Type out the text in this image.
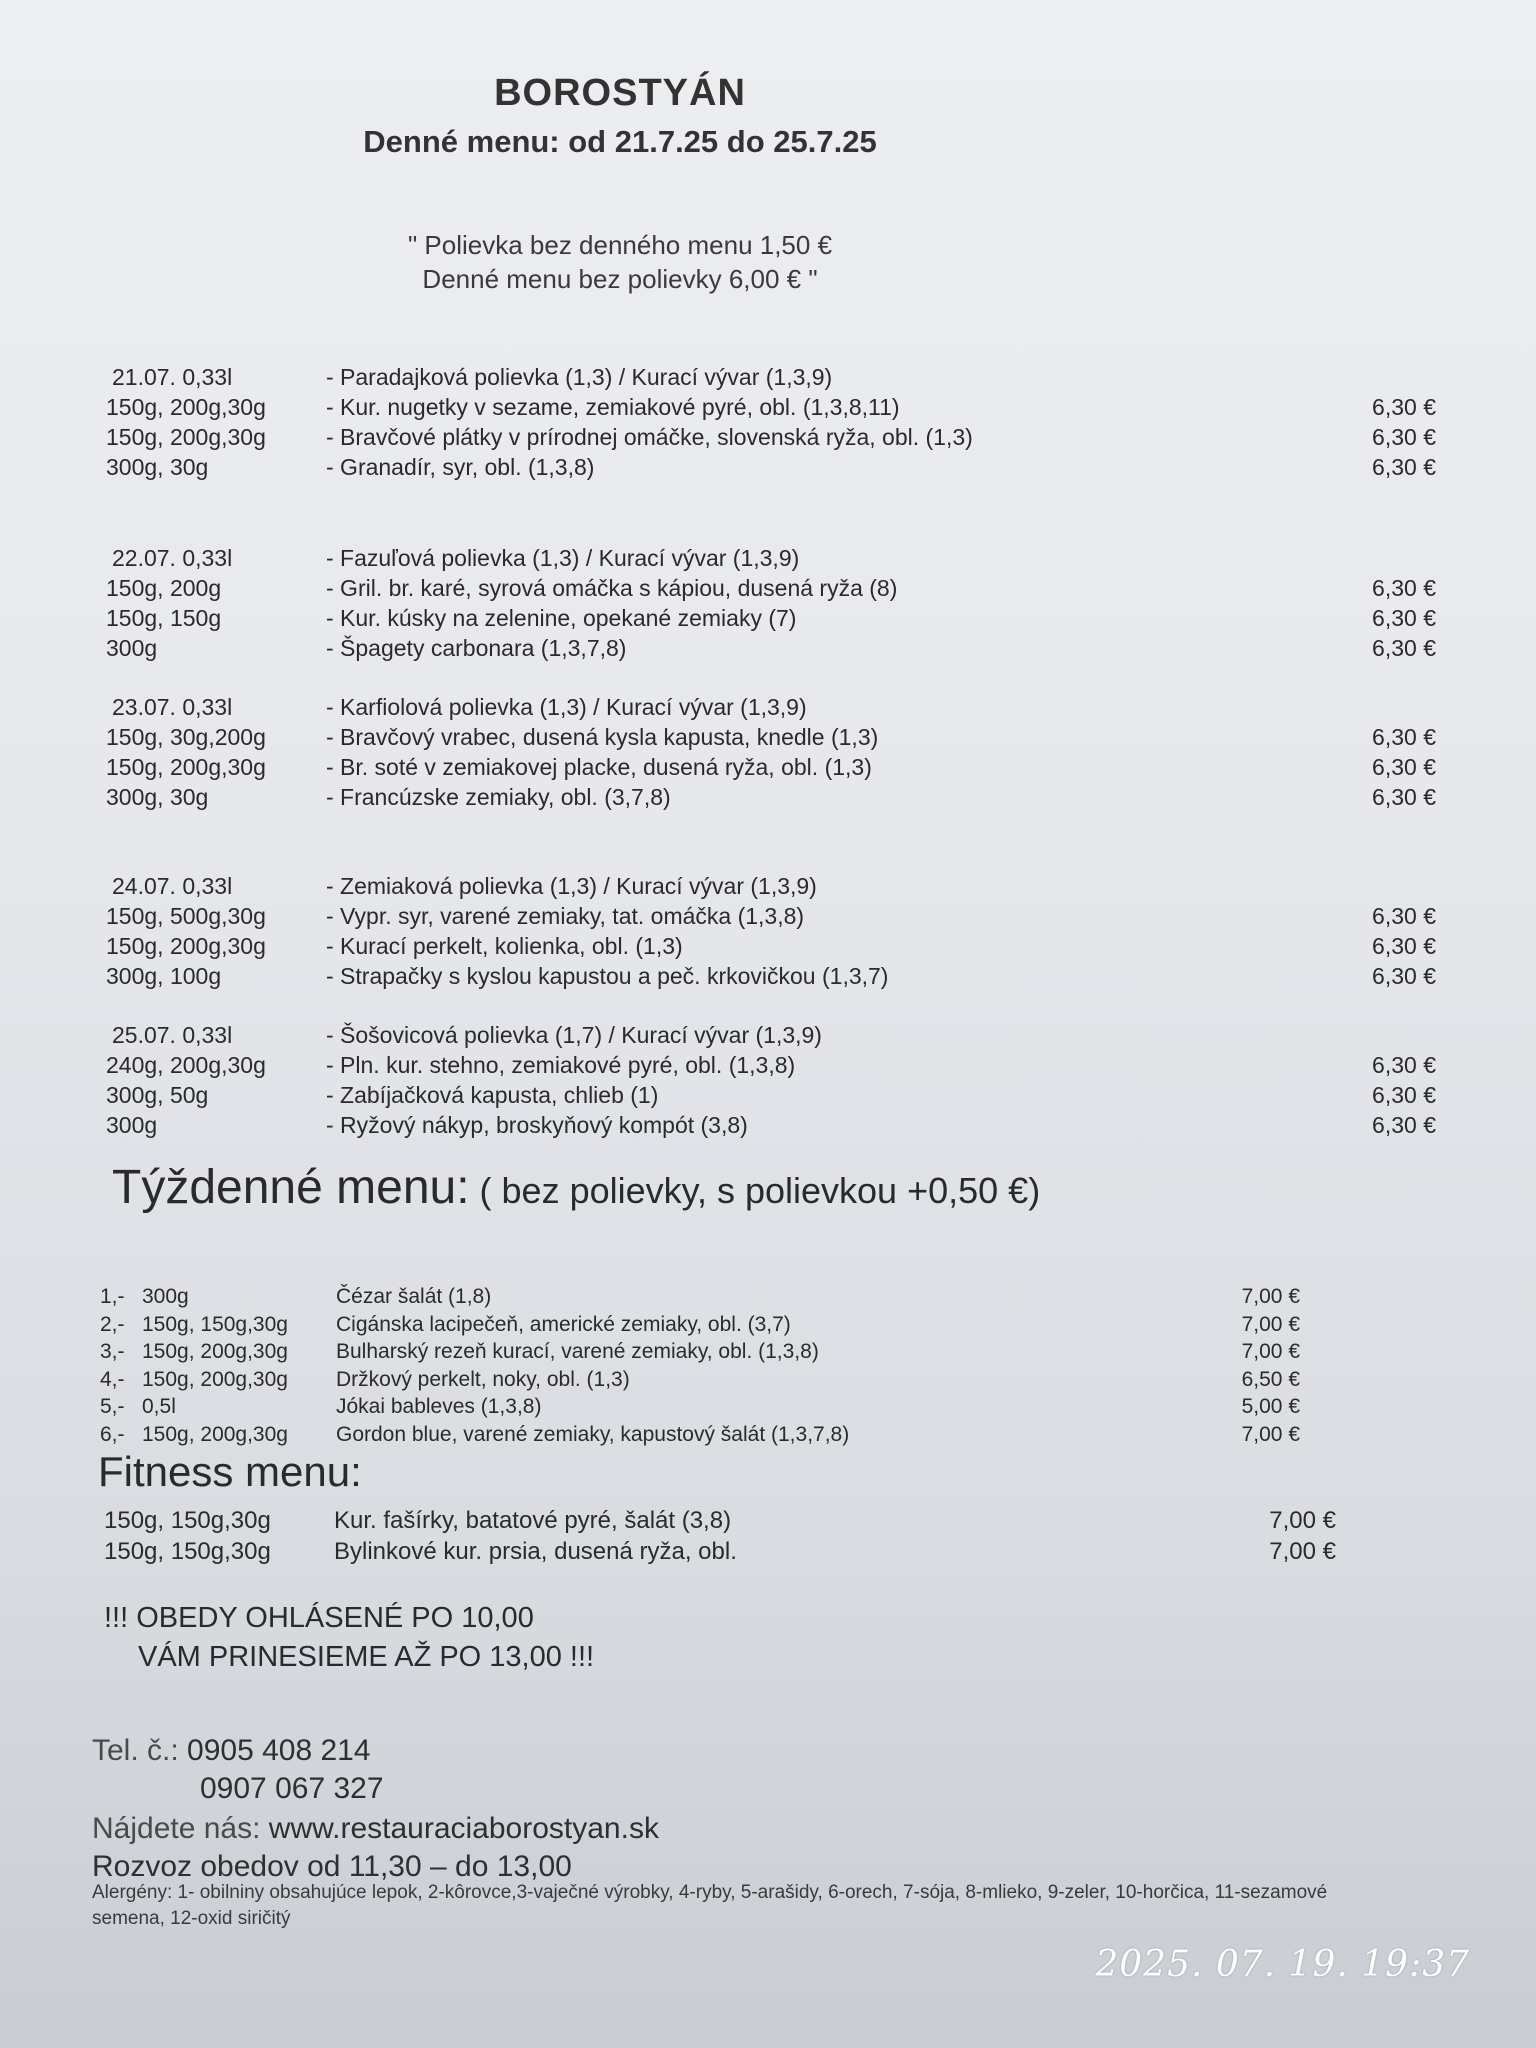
BOROSTYÁN
Denné menu: od 21.7.25 do 25.7.25
" Polievka bez denného menu 1,50 €
Denné menu bez polievky 6,00 € "
21.07. 0,33l	- Paradajková polievka (1,3) / Kurací vývar (1,3,9)
150g, 200g,30g	- Kur. nugetky v sezame, zemiakové pyré, obl. (1,3,8,11)	6,30 €
150g, 200g,30g	- Bravčové plátky v prírodnej omáčke, slovenská ryža, obl. (1,3)	6,30 €
300g, 30g	- Granadír, syr, obl. (1,3,8)	6,30 €
22.07. 0,33l	- Fazuľová polievka (1,3) / Kurací vývar (1,3,9)
150g, 200g	- Gril. br. karé, syrová omáčka s kápiou, dusená ryža (8)	6,30 €
150g, 150g	- Kur. kúsky na zelenine, opekané zemiaky (7)	6,30 €
300g	- Špagety carbonara (1,3,7,8)	6,30 €
23.07. 0,33l	- Karfiolová polievka (1,3) / Kurací vývar (1,3,9)
150g, 30g,200g	- Bravčový vrabec, dusená kysla kapusta, knedle (1,3)	6,30 €
150g, 200g,30g	- Br. soté v zemiakovej placke, dusená ryža, obl. (1,3)	6,30 €
300g, 30g	- Francúzske zemiaky, obl. (3,7,8)	6,30 €
24.07. 0,33l	- Zemiaková polievka (1,3) / Kurací vývar (1,3,9)
150g, 500g,30g	- Vypr. syr, varené zemiaky, tat. omáčka (1,3,8)	6,30 €
150g, 200g,30g	- Kurací perkelt, kolienka, obl. (1,3)	6,30 €
300g, 100g	- Strapačky s kyslou kapustou a peč. krkovičkou (1,3,7)	6,30 €
25.07. 0,33l	- Šošovicová polievka (1,7) / Kurací vývar (1,3,9)
240g, 200g,30g	- Pln. kur. stehno, zemiakové pyré, obl. (1,3,8)	6,30 €
300g, 50g	- Zabíjačková kapusta, chlieb (1)	6,30 €
300g	- Ryžový nákyp, broskyňový kompót (3,8)	6,30 €
Týždenné menu: ( bez polievky, s polievkou +0,50 €)
1,- 300g	Čézar šalát (1,8)	7,00 €
2,- 150g, 150g,30g Cigánska lacipečeň, americké zemiaky, obl. (3,7)	7,00 €
3,- 150g, 200g,30g Bulharský rezeň kurací, varené zemiaky, obl. (1,3,8)	7,00 €
4,- 150g, 200g,30g Držkový perkelt, noky, obl. (1,3)	6,50 €
5,- 0,5l	Jókai bableves (1,3,8)	5,00 €
6,- 150g, 200g,30g Gordon blue, varené zemiaky, kapustový šalát (1,3,7,8)	7,00 €
Fitness menu:
150g, 150g,30g	Kur. fašírky, batatové pyré, šalát (3,8)	7,00 €
150g, 150g,30g	Bylinkové kur. prsia, dusená ryža, obl.	7,00 €
!!! OBEDY OHLÁSENÉ PO 10,00
VÁM PRINESIEME AŽ PO 13,00 !!!
Tel. č.: 0905 408 214
0907 067 327
Nájdete nás: www.restauraciaborostyan.sk
Rozvoz obedov od 11,30 – do 13,00
Alergény: 1- obilniny obsahujúce lepok, 2-kôrovce,3-vaječné výrobky, 4-ryby, 5-arašidy, 6-orech, 7-sója, 8-mlieko, 9-zeler, 10-horčica, 11-sezamové semena, 12-oxid siričitý
2025. 07. 19. 19:37
